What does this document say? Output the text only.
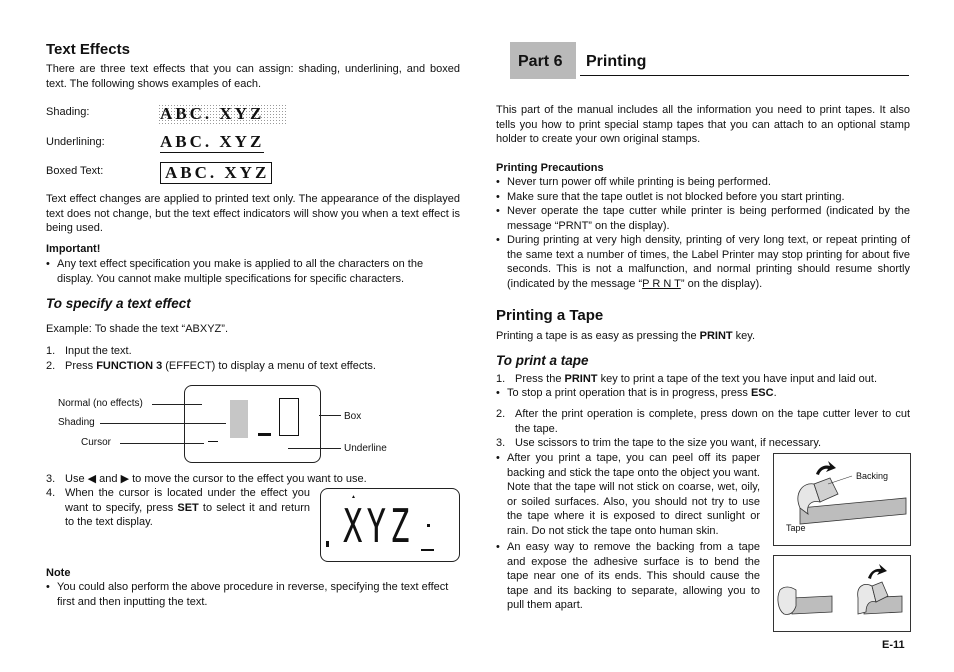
Text Effects
There are three text effects that you can assign: shading, underlining, and boxed text. The following shows examples of each.
Shading:	ABC. XYZ
Underlining:	ABC. XYZ
Boxed Text:	ABC. XYZ
Text effect changes are applied to printed text only. The appearance of the displayed text does not change, but the text effect indicators will show you when a text effect is being used.
Important!
• Any text effect specification you make is applied to all the characters on the display. You cannot make multiple specifications for specific characters.
To specify a text effect
Example: To shade the text “ABXYZ”.
1. Input the text.
2. Press FUNCTION 3 (EFFECT) to display a menu of text effects.
Normal (no effects)
Shading
Cursor
Box
Underline
3. Use ◀ and ▶ to move the cursor to the effect you want to use.
4. When the cursor is located under the effect you want to specify, press SET to select it and return to the text display.
▲
XYZ
Note
• You could also perform the above procedure in reverse, specifying the text effect first and then inputting the text.
Part 6 Printing
This part of the manual includes all the information you need to print tapes. It also tells you how to print special stamp tapes that you can attach to an optional stamp holder to create your own original stamps.
Printing Precautions
• Never turn power off while printing is being performed.
• Make sure that the tape outlet is not blocked before you start printing.
• Never operate the tape cutter while printer is being performed (indicated by the message “PRNT” on the display).
• During printing at very high density, printing of very long text, or repeat printing of the same text a number of times, the Label Printer may stop printing for about five seconds. This is not a malfunction, and normal printing should resume shortly (indicated by the message “P R N T” on the display).
Printing a Tape
Printing a tape is as easy as pressing the PRINT key.
To print a tape
1. Press the PRINT key to print a tape of the text you have input and laid out.
• To stop a print operation that is in progress, press ESC.
2. After the print operation is complete, press down on the tape cutter lever to cut the tape.
3. Use scissors to trim the tape to the size you want, if necessary.
• After you print a tape, you can peel off its paper backing and stick the tape onto the object you want. Note that the tape will not stick on coarse, wet, oily, or soiled surfaces. Also, you should not try to use the tape where it is exposed to direct sunlight or rain. Do not stick the tape onto human skin.
• An easy way to remove the backing from a tape and expose the adhesive surface is to bend the tape near one of its ends. This should cause the tape and its backing to separate, allowing you to pull them apart.
Backing
Tape
E-11
